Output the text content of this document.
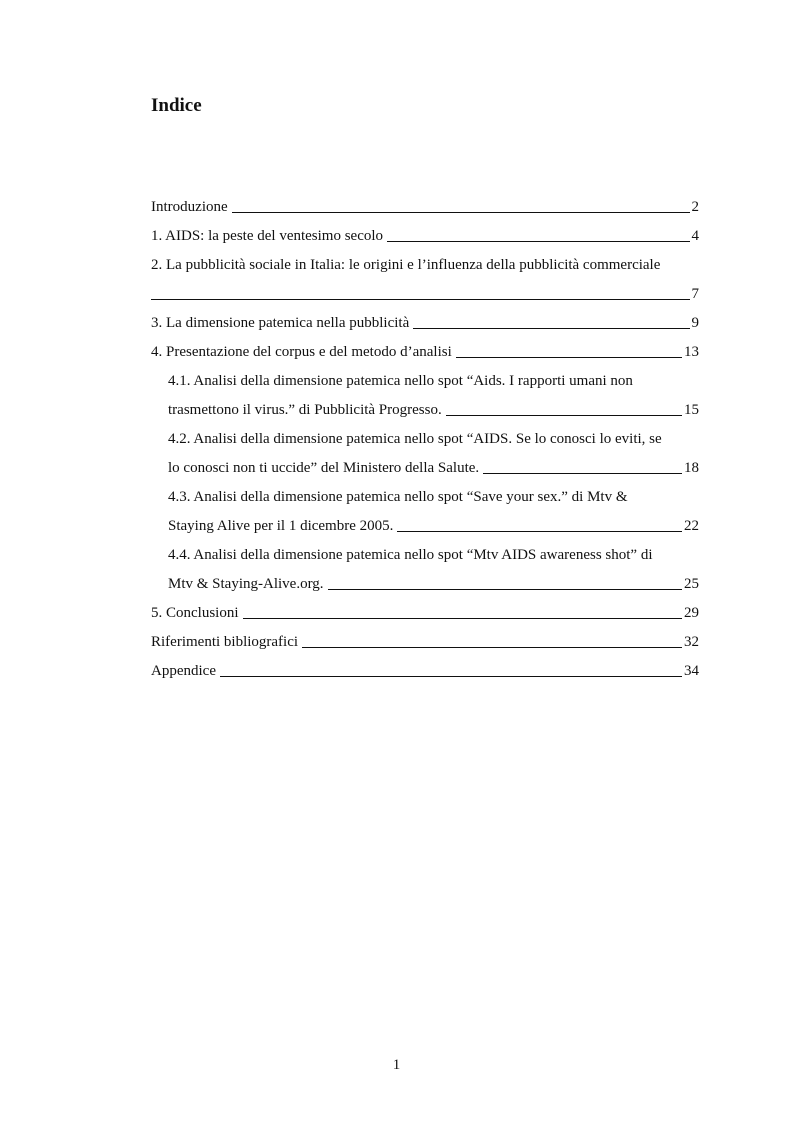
Indice
Introduzione	2
1. AIDS: la peste del ventesimo secolo	4
2. La pubblicità sociale in Italia: le origini e l’influenza della pubblicità commerciale
7
3. La dimensione patemica nella pubblicità	9
4. Presentazione del corpus e del metodo d’analisi	13
4.1. Analisi della dimensione patemica nello spot “Aids. I rapporti umani non
trasmettono il virus.” di Pubblicità Progresso.	15
4.2. Analisi della dimensione patemica nello spot “AIDS. Se lo conosci lo eviti, se
lo conosci non ti uccide” del Ministero della Salute.	18
4.3. Analisi della dimensione patemica nello spot “Save your sex.” di Mtv &
Staying Alive per il 1 dicembre 2005.	22
4.4. Analisi della dimensione patemica nello spot “Mtv AIDS awareness shot” di
Mtv & Staying-Alive.org.	25
5. Conclusioni	29
Riferimenti bibliografici	32
Appendice	34
1
